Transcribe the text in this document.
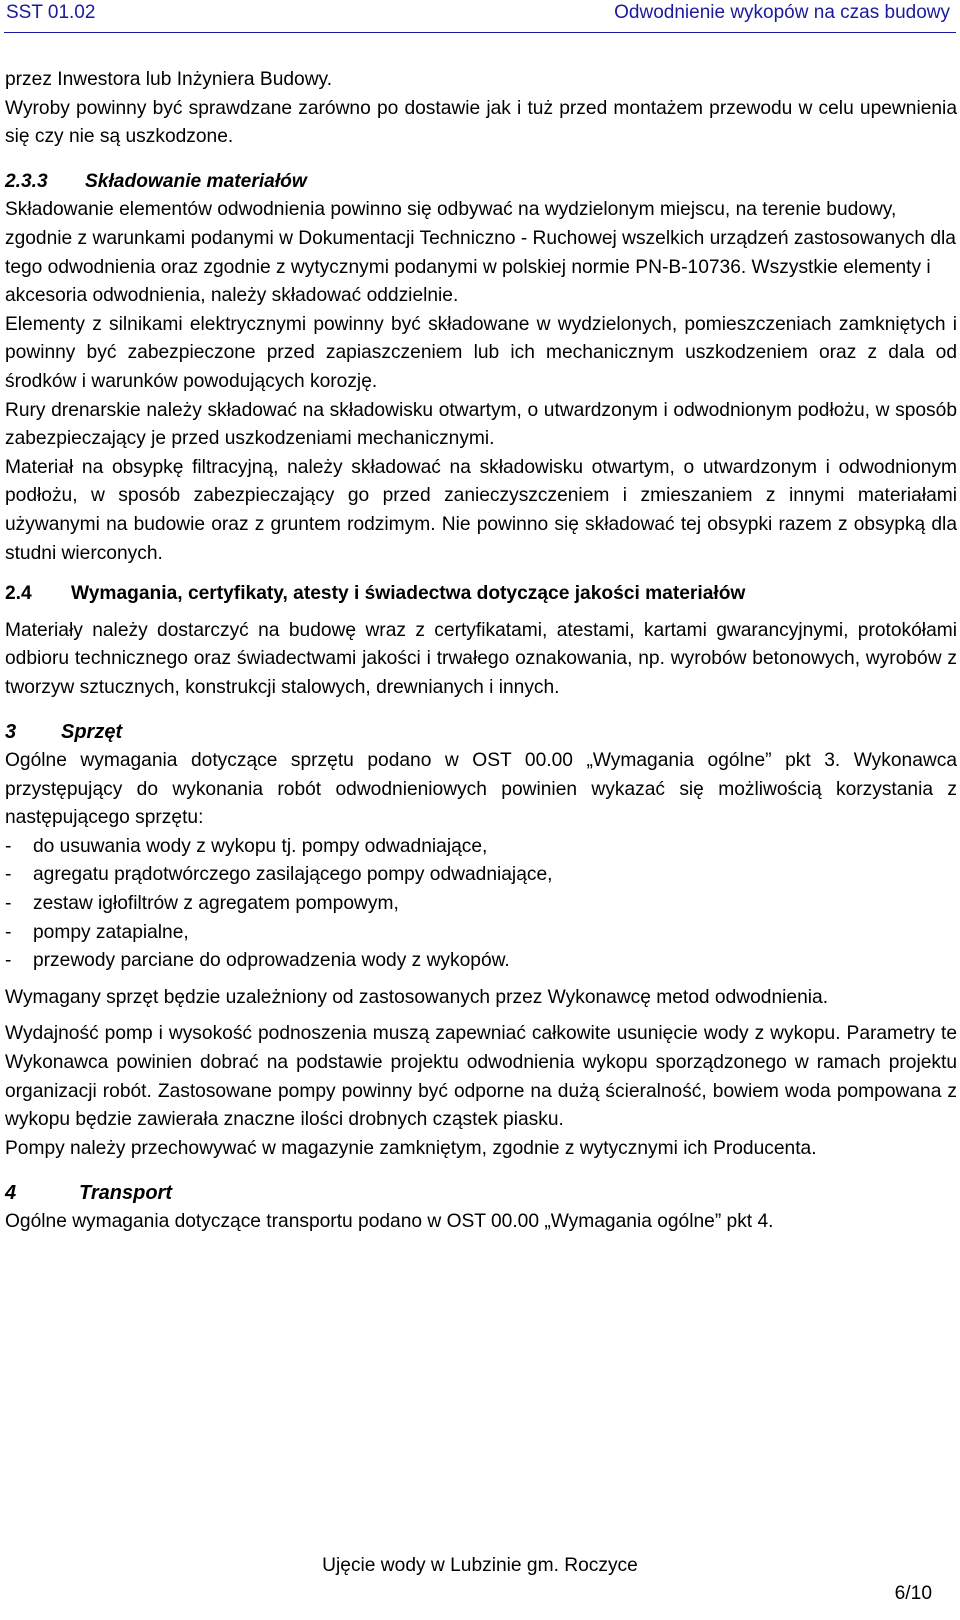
SST 01.02	Odwodnienie wykopów na czas budowy

przez Inwestora lub Inżyniera Budowy.

Wyroby powinny być sprawdzane zarówno po dostawie jak i tuż przed montażem przewodu w celu upewnienia się czy nie są uszkodzone.

2.3.3 Składowanie materiałów

Składowanie elementów odwodnienia powinno się odbywać na wydzielonym miejscu, na terenie budowy, zgodnie z warunkami podanymi w Dokumentacji Techniczno - Ruchowej wszelkich urządzeń zastosowanych dla tego odwodnienia oraz zgodnie z wytycznymi podanymi w polskiej normie PN-B-10736. Wszystkie elementy i akcesoria odwodnienia, należy składować oddzielnie.

Elementy z silnikami elektrycznymi powinny być składowane w wydzielonych, pomieszczeniach zamkniętych i powinny być zabezpieczone przed zapiaszczeniem lub ich mechanicznym uszkodzeniem oraz z dala od środków i warunków powodujących korozję.

Rury drenarskie należy składować na składowisku otwartym, o utwardzonym i odwodnionym podłożu, w sposób zabezpieczający je przed uszkodzeniami mechanicznymi.

Materiał na obsypkę filtracyjną, należy składować na składowisku otwartym, o utwardzonym i odwodnionym podłożu, w sposób zabezpieczający go przed zanieczyszczeniem i zmieszaniem z innymi materiałami używanymi na budowie oraz z gruntem rodzimym. Nie powinno się składować tej obsypki razem z obsypką dla studni wierconych.

2.4 Wymagania, certyfikaty, atesty i świadectwa dotyczące jakości materiałów

Materiały należy dostarczyć na budowę wraz z certyfikatami, atestami, kartami gwarancyjnymi, protokółami odbioru technicznego oraz świadectwami jakości i trwałego oznakowania, np. wyrobów betonowych, wyrobów z tworzyw sztucznych, konstrukcji stalowych, drewnianych i innych.

3 Sprzęt

Ogólne wymagania dotyczące sprzętu podano w OST 00.00 „Wymagania ogólne” pkt 3. Wykonawca przystępujący do wykonania robót odwodnieniowych powinien wykazać się możliwością korzystania z następującego sprzętu:

-	do usuwania wody z wykopu tj. pompy odwadniające,
-	agregatu prądotwórczego zasilającego pompy odwadniające,
-	zestaw igłofiltrów z agregatem pompowym,
-	pompy zatapialne,
-	przewody parciane do odprowadzenia wody z wykopów.

Wymagany sprzęt będzie uzależniony od zastosowanych przez Wykonawcę metod odwodnienia.

Wydajność pomp i wysokość podnoszenia muszą zapewniać całkowite usunięcie wody z wykopu. Parametry te Wykonawca powinien dobrać na podstawie projektu odwodnienia wykopu sporządzonego w ramach projektu organizacji robót. Zastosowane pompy powinny być odporne na dużą ścieralność, bowiem woda pompowana z wykopu będzie zawierała znaczne ilości drobnych cząstek piasku.

Pompy należy przechowywać w magazynie zamkniętym, zgodnie z wytycznymi ich Producenta.

4	Transport

Ogólne wymagania dotyczące transportu podano w OST 00.00 „Wymagania ogólne” pkt 4.

Ujęcie wody w Lubzinie gm. Roczyce
6/10
